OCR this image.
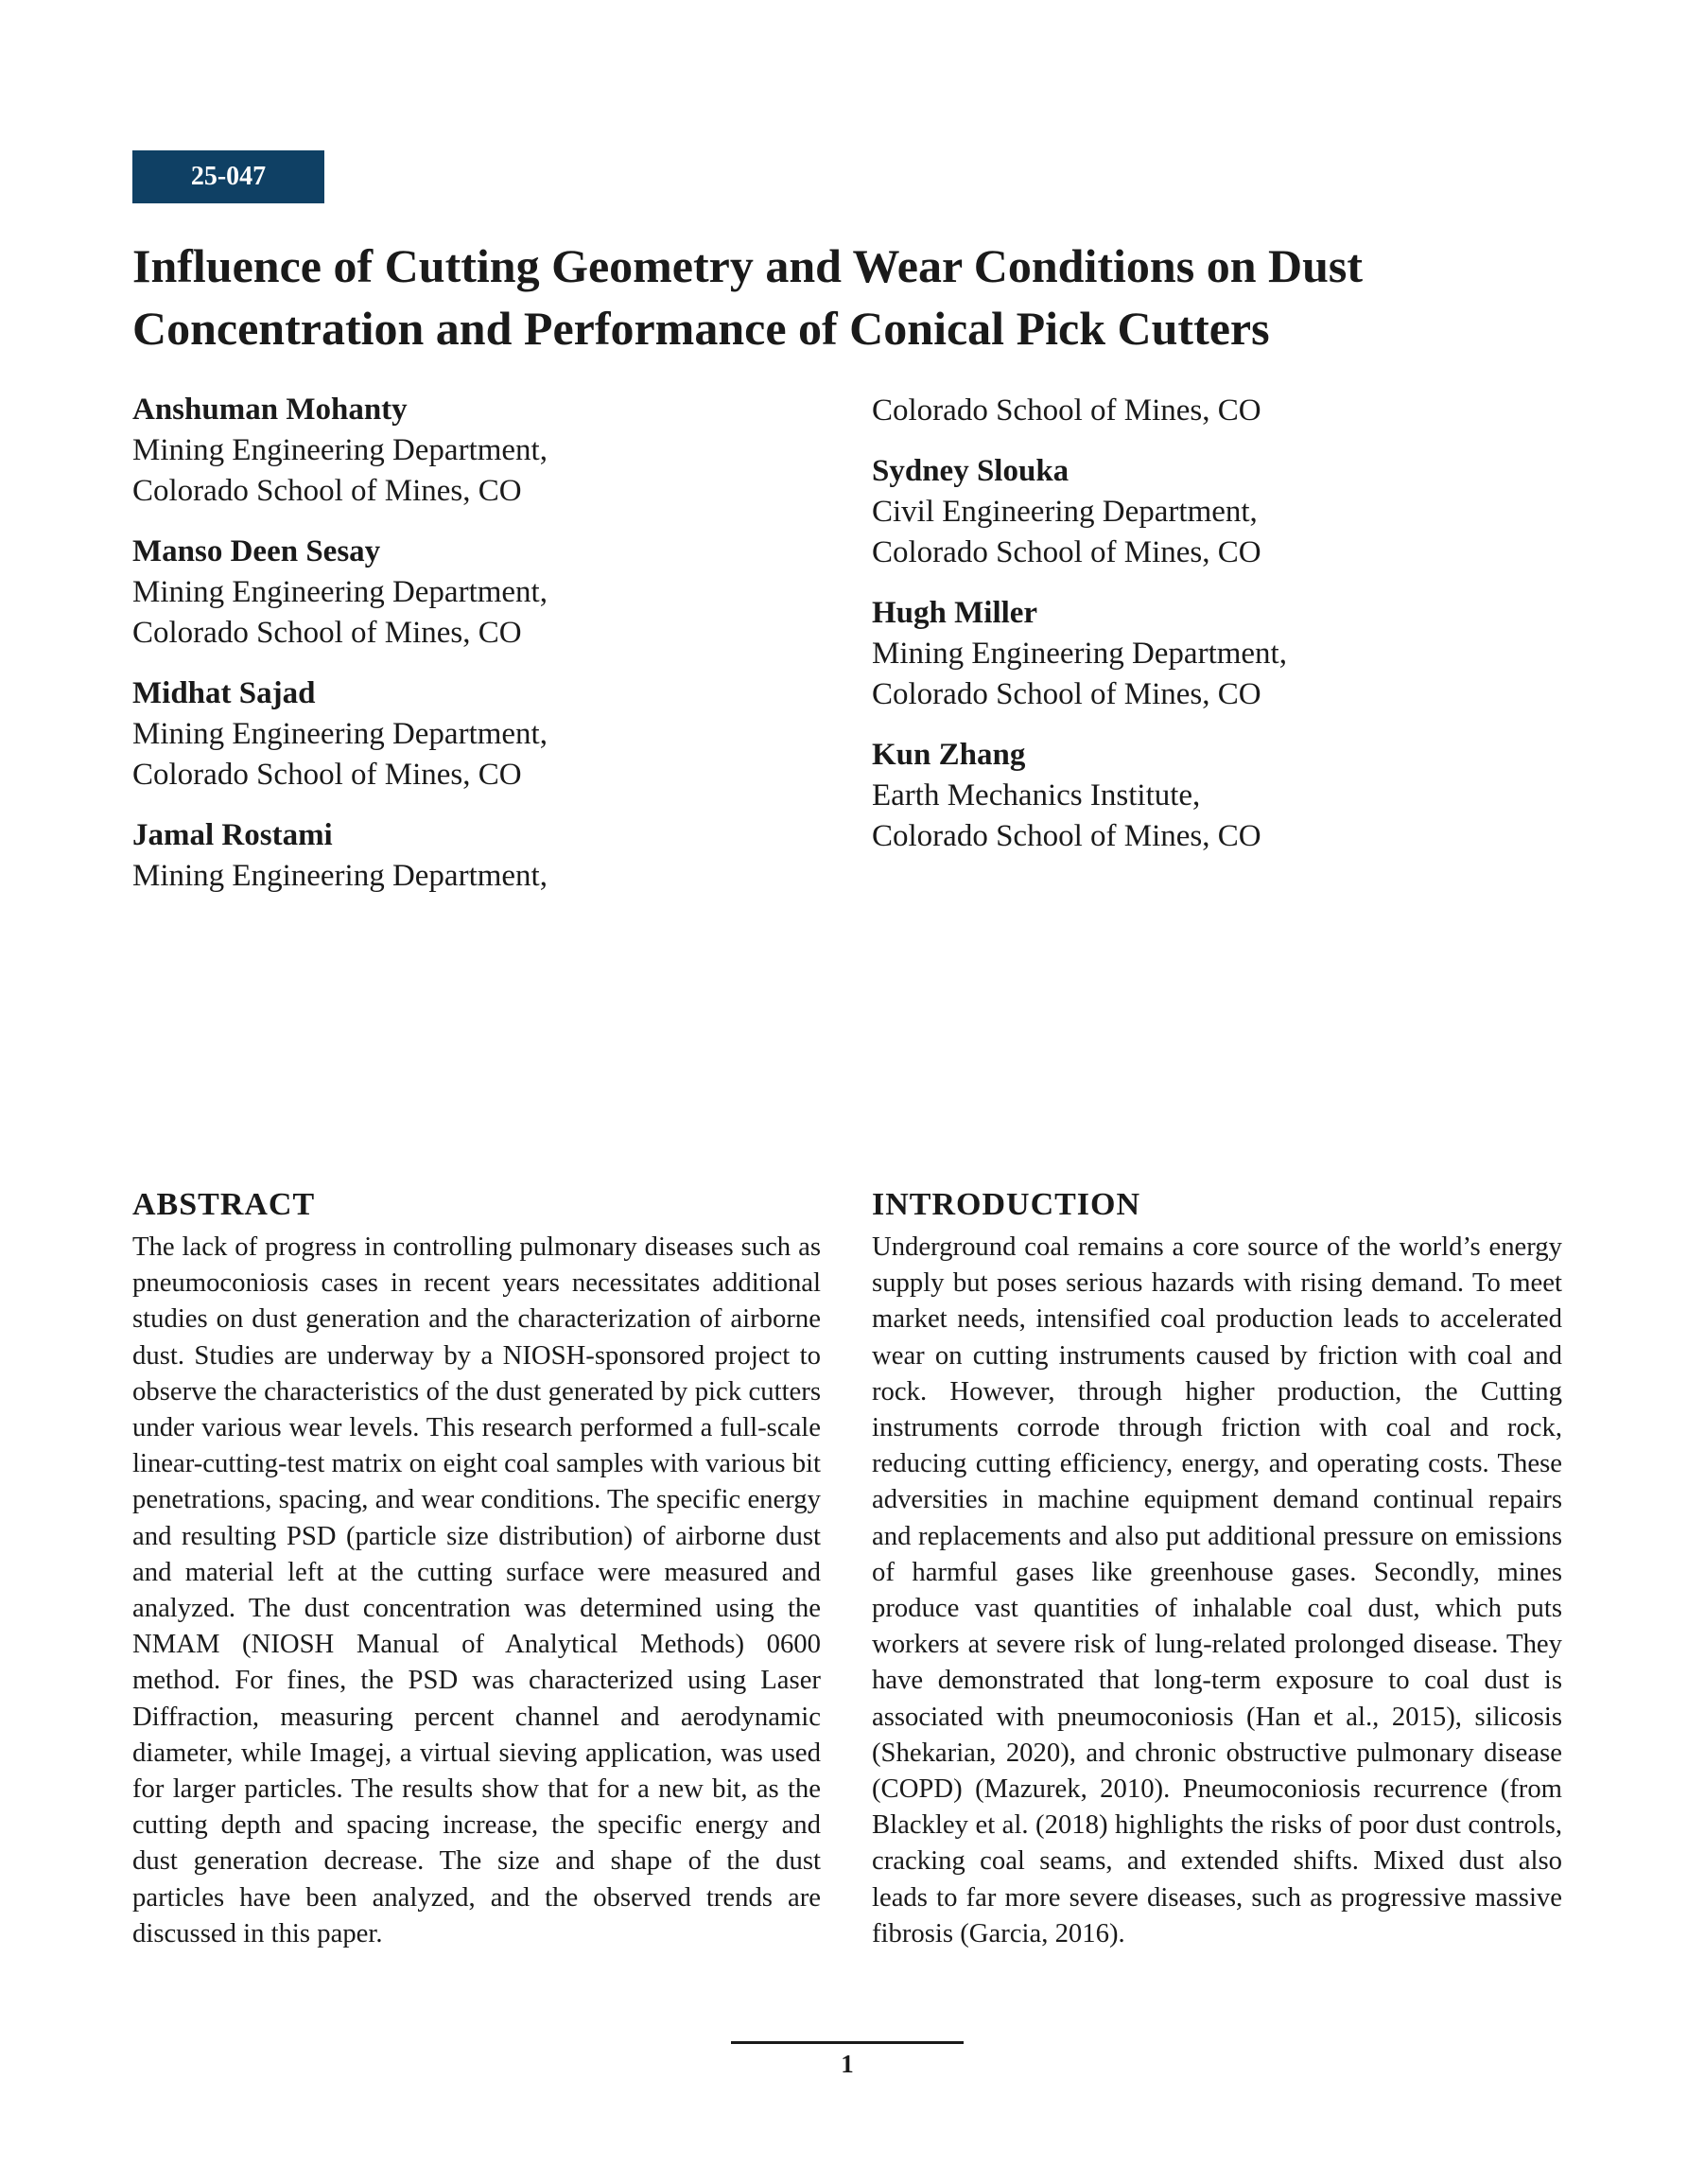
25-047
Influence of Cutting Geometry and Wear Conditions on Dust
Concentration and Performance of Conical Pick Cutters
Anshuman Mohanty
Mining Engineering Department,
Colorado School of Mines, CO
Manso Deen Sesay
Mining Engineering Department,
Colorado School of Mines, CO
Midhat Sajad
Mining Engineering Department,
Colorado School of Mines, CO
Jamal Rostami
Mining Engineering Department,
Colorado School of Mines, CO
Sydney Slouka
Civil Engineering Department,
Colorado School of Mines, CO
Hugh Miller
Mining Engineering Department,
Colorado School of Mines, CO
Kun Zhang
Earth Mechanics Institute,
Colorado School of Mines, CO
ABSTRACT

The lack of progress in controlling pulmonary diseases such as pneumoconiosis cases in recent years necessitates additional studies on dust generation and the characterization of airborne dust. Studies are underway by a NIOSH-sponsored project to observe the characteristics of the dust generated by pick cutters under various wear levels. This research performed a full-scale linear-cutting-test matrix on eight coal samples with various bit penetrations, spacing, and wear conditions. The specific energy and resulting PSD (particle size distribution) of airborne dust and material left at the cutting surface were measured and analyzed. The dust concentration was determined using the NMAM (NIOSH Manual of Analytical Methods) 0600 method. For fines, the PSD was characterized using Laser Diffraction, measuring percent channel and aerodynamic diameter, while Imagej, a virtual sieving application, was used for larger particles. The results show that for a new bit, as the cutting depth and spacing increase, the specific energy and dust generation decrease. The size and shape of the dust particles have been analyzed, and the observed trends are discussed in this paper.

INTRODUCTION

Underground coal remains a core source of the world’s energy supply but poses serious hazards with rising demand. To meet market needs, intensified coal production leads to accelerated wear on cutting instruments caused by friction with coal and rock. However, through higher production, the Cutting instruments corrode through friction with coal and rock, reducing cutting efficiency, energy, and operating costs. These adversities in machine equipment demand continual repairs and replacements and also put additional pressure on emissions of harmful gases like greenhouse gases. Secondly, mines produce vast quantities of inhalable coal dust, which puts workers at severe risk of lung-related prolonged disease. They have demonstrated that long-term exposure to coal dust is associated with pneumoconiosis (Han et al., 2015), silicosis (Shekarian, 2020), and chronic obstructive pulmonary disease (COPD) (Mazurek, 2010). Pneumoconiosis recurrence (from Blackley et al. (2018) highlights the risks of poor dust controls, cracking coal seams, and extended shifts. Mixed dust also leads to far more severe diseases, such as progressive massive fibrosis (Garcia, 2016).

1
